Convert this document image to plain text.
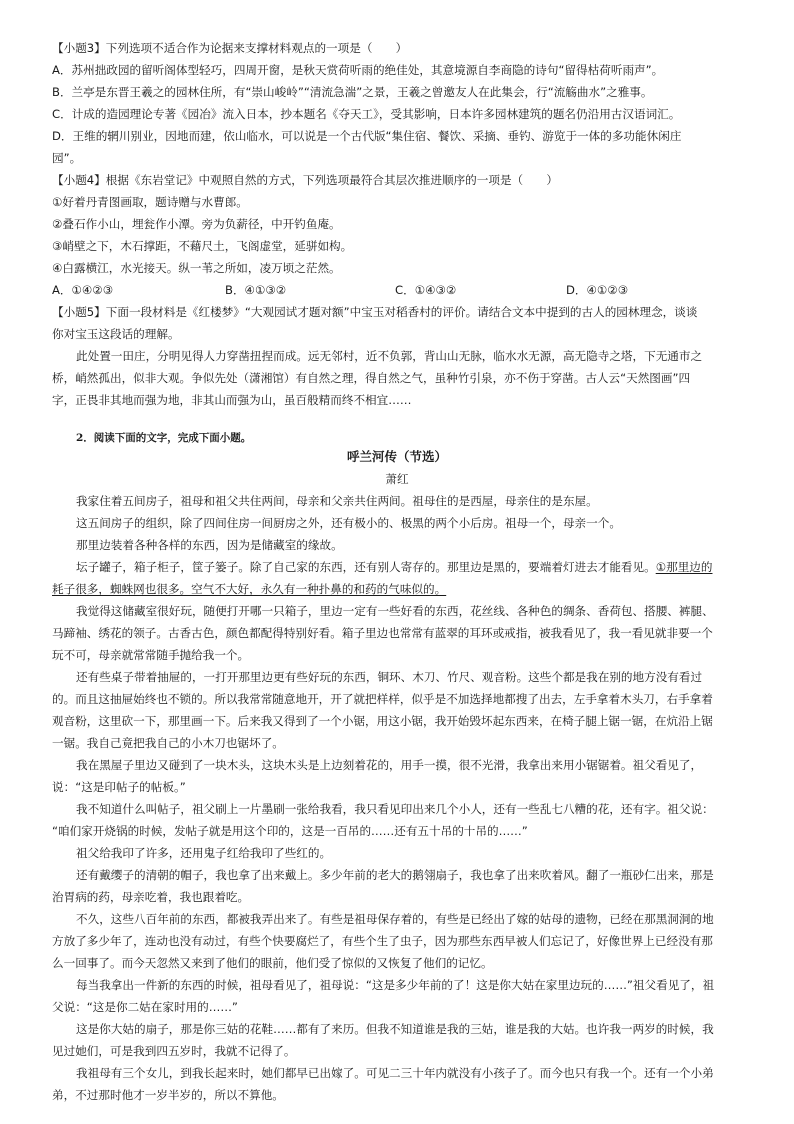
【小题3】下列选项不适合作为论据来支撑材料观点的一项是（　　）
A．苏州拙政园的留听阁体型轻巧，四周开窗，是秋天赏荷听雨的绝佳处，其意境源自李商隐的诗句“留得枯荷听雨声”。
B．兰亭是东晋王羲之的园林住所，有“崇山峻岭”“清流急湍”之景，王羲之曾邀友人在此集会，行“流觞曲水”之雅事。
C．计成的造园理论专著《园冶》流入日本，抄本题名《夺天工》，受其影响，日本许多园林建筑的题名仍沿用古汉语词汇。
D．王维的辋川别业，因地而建，依山临水，可以说是一个古代版“集住宿、餐饮、采摘、垂钓、游览于一体的多功能休闲庄
园”。
【小题4】根据《东岩堂记》中观照自然的方式，下列选项最符合其层次推进顺序的一项是（　　）
①好着丹青图画取，题诗赠与水曹郎。
②叠石作小山，埋瓮作小潭。旁为负薪径，中开钓鱼庵。
③峭壁之下，木石撑距，不藉尺土，飞阁虚堂，延骈如构。
④白露横江，水光接天。纵一苇之所如，凌万顷之茫然。
A．①④②③	B．④①③②	C．①④③②	D．④①②③
【小题5】下面一段材料是《红楼梦》“大观园试才题对额”中宝玉对稻香村的评价。请结合文本中提到的古人的园林理念，谈谈
你对宝玉这段话的理解。
此处置一田庄，分明见得人力穿凿扭捏而成。远无邻村，近不负郭，背山山无脉，临水水无源，高无隐寺之塔，下无通市之
桥，峭然孤出，似非大观。争似先处（潇湘馆）有自然之理，得自然之气，虽种竹引泉，亦不伤于穿凿。古人云“天然图画”四
字，正畏非其地而强为地，非其山而强为山，虽百般精而终不相宜……
2．阅读下面的文字，完成下面小题。
呼兰河传（节选）
萧红
我家住着五间房子，祖母和祖父共住两间，母亲和父亲共住两间。祖母住的是西屋，母亲住的是东屋。
这五间房子的组织，除了四间住房一间厨房之外，还有极小的、极黑的两个小后房。祖母一个，母亲一个。
那里边装着各种各样的东西，因为是储藏室的缘故。
坛子罐子，箱子柜子，筐子篓子。除了自己家的东西，还有别人寄存的。那里边是黑的，要端着灯进去才能看见。①那里边的
耗子很多，蜘蛛网也很多。空气不大好，永久有一种扑鼻的和药的气味似的。
我觉得这储藏室很好玩，随便打开哪一只箱子，里边一定有一些好看的东西，花丝线、各种色的绸条、香荷包、搭腰、裤腿、
马蹄袖、绣花的领子。古香古色，颜色都配得特别好看。箱子里边也常常有蓝翠的耳环或戒指，被我看见了，我一看见就非要一个
玩不可，母亲就常常随手抛给我一个。
还有些桌子带着抽屉的，一打开那里边更有些好玩的东西，铜环、木刀、竹尺、观音粉。这些个都是我在别的地方没有看过
的。而且这抽屉始终也不锁的。所以我常常随意地开，开了就把样样，似乎是不加选择地都搜了出去，左手拿着木头刀，右手拿着
观音粉，这里砍一下，那里画一下。后来我又得到了一个小锯，用这小锯，我开始毁坏起东西来，在椅子腿上锯一锯，在炕沿上锯
一锯。我自己竟把我自己的小木刀也锯坏了。
我在黑屋子里边又碰到了一块木头，这块木头是上边刻着花的，用手一摸，很不光滑，我拿出来用小锯锯着。祖父看见了，
说：“这是印帖子的帖板。”
我不知道什么叫帖子，祖父刷上一片墨刷一张给我看，我只看见印出来几个小人，还有一些乱七八糟的花，还有字。祖父说：
“咱们家开烧锅的时候，发帖子就是用这个印的，这是一百吊的……还有五十吊的十吊的……”
祖父给我印了许多，还用鬼子红给我印了些红的。
还有戴缨子的清朝的帽子，我也拿了出来戴上。多少年前的老大的鹅翎扇子，我也拿了出来吹着风。翻了一瓶砂仁出来，那是
治胃病的药，母亲吃着，我也跟着吃。
不久，这些八百年前的东西，都被我弄出来了。有些是祖母保存着的，有些是已经出了嫁的姑母的遗物，已经在那黑洞洞的地
方放了多少年了，连动也没有动过，有些个快要腐烂了，有些个生了虫子，因为那些东西早被人们忘记了，好像世界上已经没有那
么一回事了。而今天忽然又来到了他们的眼前，他们受了惊似的又恢复了他们的记忆。
每当我拿出一件新的东西的时候，祖母看见了，祖母说：“这是多少年前的了！这是你大姑在家里边玩的……”祖父看见了，祖
父说：“这是你二姑在家时用的……”
这是你大姑的扇子，那是你三姑的花鞋……都有了来历。但我不知道谁是我的三姑，谁是我的大姑。也许我一两岁的时候，我
见过她们，可是我到四五岁时，我就不记得了。
我祖母有三个女儿，到我长起来时，她们都早已出嫁了。可见二三十年内就没有小孩子了。而今也只有我一个。还有一个小弟
弟，不过那时他才一岁半岁的，所以不算他。
